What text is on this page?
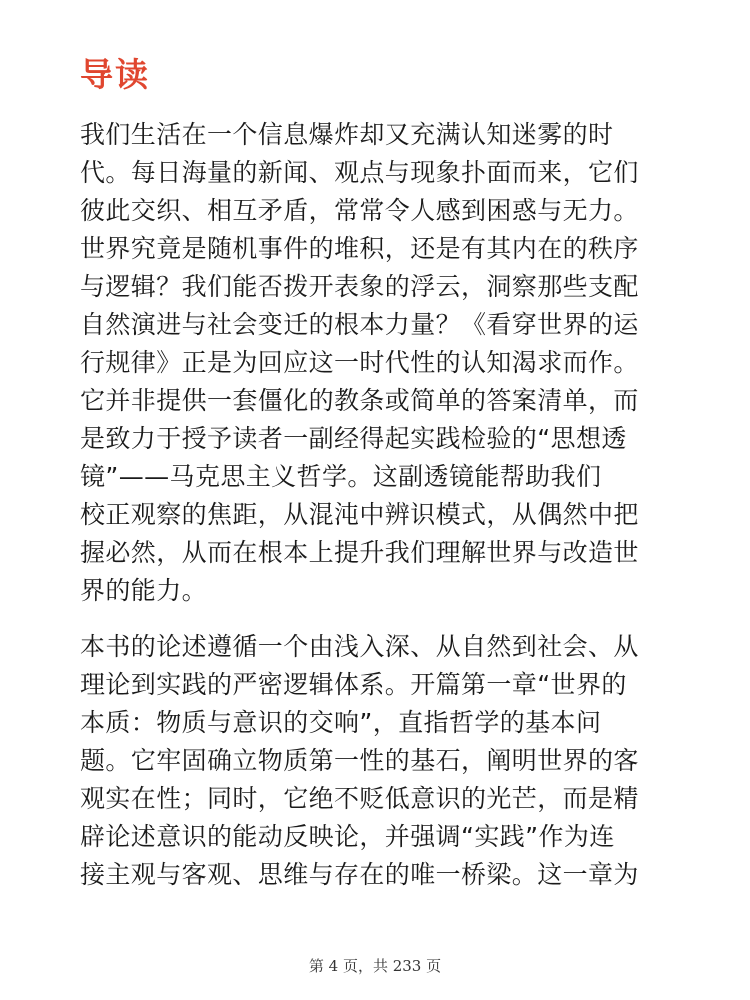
导读

我们生活在一个信息爆炸却又充满认知迷雾的时
代。每日海量的新闻、观点与现象扑面而来，它们
彼此交织、相互矛盾，常常令人感到困惑与无力。
世界究竟是随机事件的堆积，还是有其内在的秩序
与逻辑？我们能否拨开表象的浮云，洞察那些支配
自然演进与社会变迁的根本力量？《看穿世界的运
行规律》正是为回应这一时代性的认知渴求而作。
它并非提供一套僵化的教条或简单的答案清单，而
是致力于授予读者一副经得起实践检验的“思想透
镜”——马克思主义哲学。这副透镜能帮助我们
校正观察的焦距，从混沌中辨识模式，从偶然中把
握必然，从而在根本上提升我们理解世界与改造世
界的能力。

本书的论述遵循一个由浅入深、从自然到社会、从
理论到实践的严密逻辑体系。开篇第一章“世界的
本质：物质与意识的交响”，直指哲学的基本问
题。它牢固确立物质第一性的基石，阐明世界的客
观实在性；同时，它绝不贬低意识的光芒，而是精
辟论述意识的能动反映论，并强调“实践”作为连
接主观与客观、思维与存在的唯一桥梁。这一章为

第 4 页，共 233 页
